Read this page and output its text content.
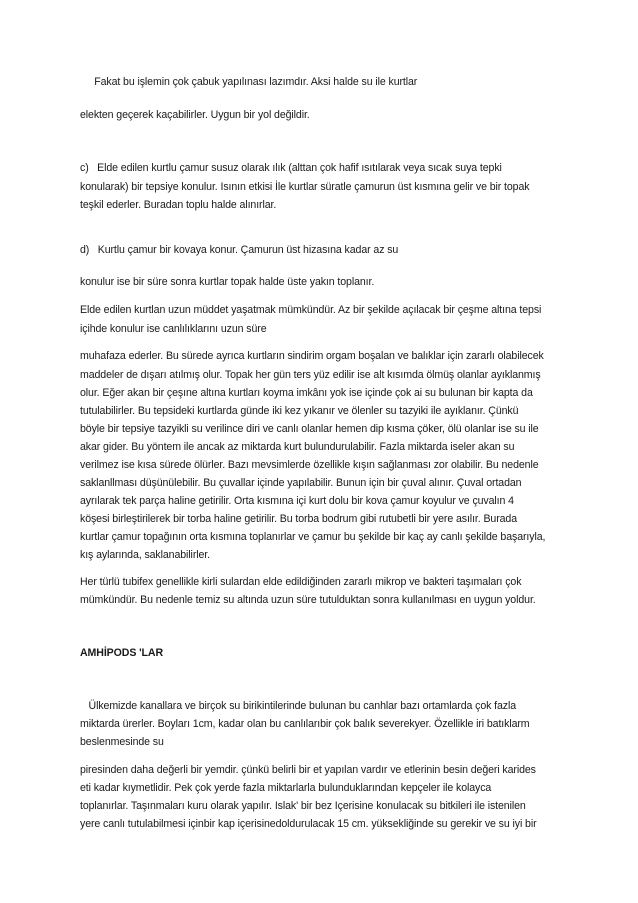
Fakat bu işlemin çok çabuk yapılınası lazımdır. Aksi halde su ile kurtlar
elekten geçerek kaçabilirler. Uygun bir yol değildir.
c)   Elde edilen kurtlu çamur susuz olarak ılık (alttan çok hafif ısıtılarak veya sıcak suya tepki
konularak) bir tepsiye konulur. Isının etkisi İle kurtlar süratle çamurun üst kısmına gelir ve bir topak
teşkil ederler. Buradan toplu halde alınırlar.
d)   Kurtlu çamur bir kovaya konur. Çamurun üst hizasına kadar az su
konulur ise bir süre sonra kurtlar topak halde üste yakın toplanır.
Elde edilen kurtlan uzun müddet yaşatmak mümkündür. Az bir şekilde açılacak bir çeşme altına tepsi
içihde konulur ise canlılıklarını uzun süre
muhafaza ederler. Bu sürede ayrıca kurtların sindirim orgam boşalan ve balıklar için zararlı olabilecek
maddeler de dışarı atılmış olur. Topak her gün ters yüz edilir ise alt kısımda ölmüş olanlar ayıklanmış
olur. Eğer akan bir çeşıne altına kurtları koyma imkânı yok ise içinde çok ai su bulunan bir kapta da
tutulabilirler. Bu tepsideki kurtlarda günde iki kez yıkanır ve ölenler su tazyiki ile ayıklanır. Çünkü
böyle bir tepsiye tazyikli su verilince diri ve canlı olanlar hemen dip kısma çöker, ölü olanlar ise su ile
akar gider. Bu yöntem ile ancak az miktarda kurt bulundurulabilir. Fazla miktarda iseler akan su
verilmez ise kısa sürede ölürler. Bazı mevsimlerde özellikle kışın sağlanması zor olabilir. Bu nedenle
saklanllması düşünülebilir. Bu çuvallar içinde yapılabilir. Bunun için bir çuval alınır. Çuval ortadan
ayrılarak tek parça haline getirilir. Orta kısmına içi kurt dolu bir kova çamur koyulur ve çuvalın 4
köşesi birleştirilerek bir torba haline getirilir. Bu torba bodrum gibi rutubetli bir yere asılır. Burada
kurtlar çamur topağının orta kısmına toplanırlar ve çamur bu şekilde bir kaç ay canlı şekilde başarıyla,
kış aylarında, saklanabilirler.
Her türlü tubifex genellikle kirli sulardan elde edildiğinden zararlı mikrop ve bakteri taşımaları çok
mümkündür. Bu nedenle temiz su altında uzun süre tutulduktan sonra kullanılması en uygun yoldur.
AMHİPODS 'LAR
Ülkemizde kanallara ve birçok su birikintilerinde bulunan bu canhlar bazı ortamlarda çok fazla
miktarda ürerler. Boyları 1cm, kadar olan bu canlılarıbir çok balık severekyer. Özellikle iri batıklarm
beslenmesinde su
piresinden daha değerli bir yemdir. çünkü belirli bir et yapılan vardır ve etlerinin besin değeri karides
eti kadar kıymetlidir. Pek çok yerde fazla miktarlarla bulunduklarından kepçeler ile kolayca
toplanırlar. Taşınmaları kuru olarak yapılır. Islak' bir bez Içerisine konulacak su bitkileri ile istenilen
yere canlı tutulabilmesi içinbir kap içerisinedoldurulacak 15 cm. yüksekliğinde su gerekir ve su iyi bir
